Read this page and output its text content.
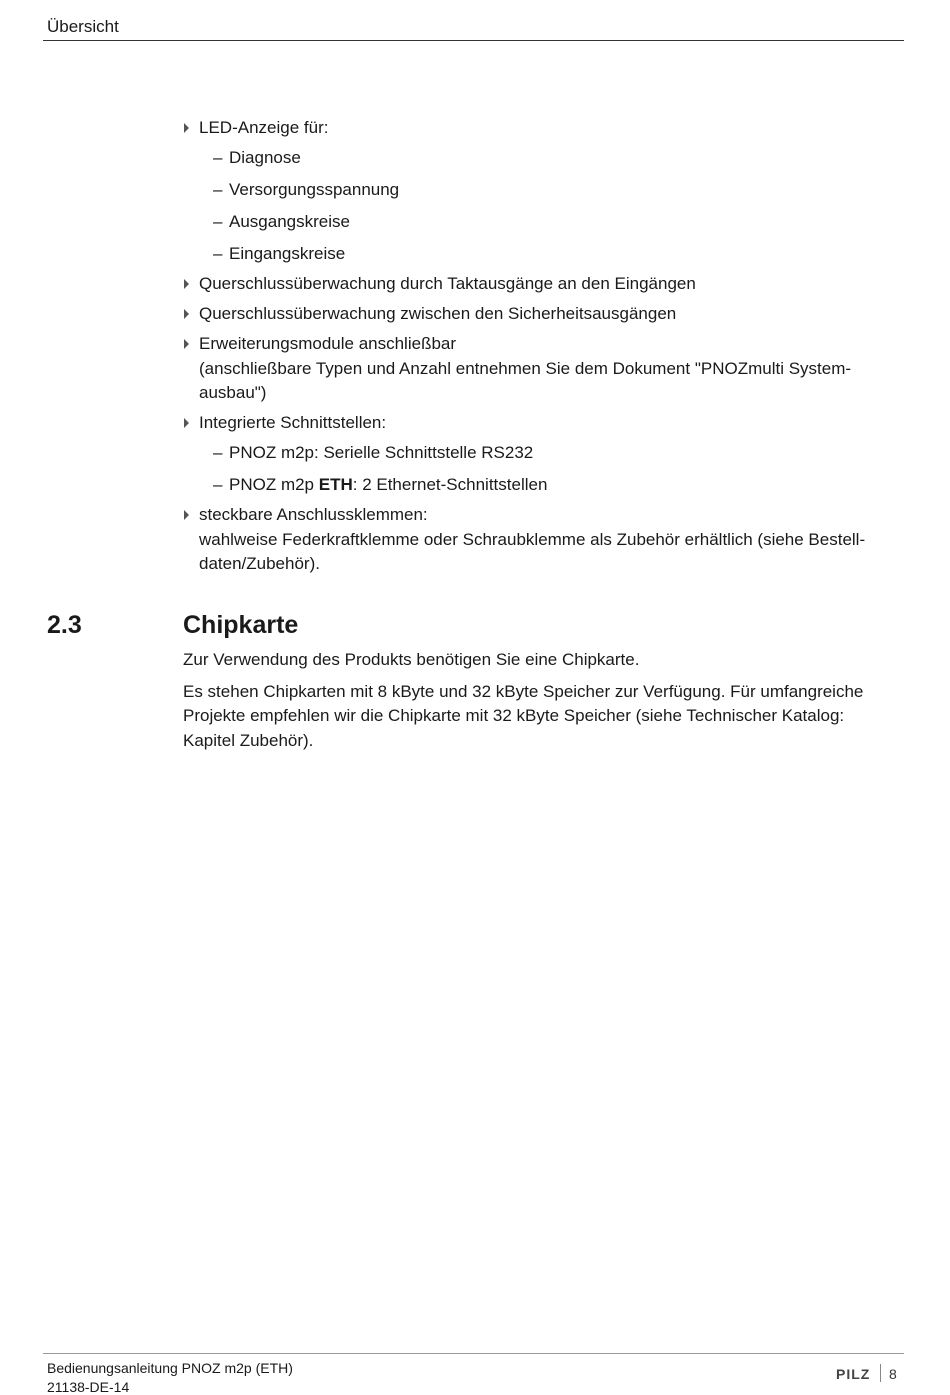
Übersicht
LED-Anzeige für:
– Diagnose
– Versorgungsspannung
– Ausgangskreise
– Eingangskreise
Querschlussüberwachung durch Taktausgänge an den Eingängen
Querschlussüberwachung zwischen den Sicherheitsausgängen
Erweiterungsmodule anschließbar
(anschließbare Typen und Anzahl entnehmen Sie dem Dokument "PNOZmulti System-
ausbau")
Integrierte Schnittstellen:
– PNOZ m2p: Serielle Schnittstelle RS232
– PNOZ m2p ETH: 2 Ethernet-Schnittstellen
steckbare Anschlussklemmen:
wahlweise Federkraftklemme oder Schraubklemme als Zubehör erhältlich (siehe Bestell-
daten/Zubehör).
2.3	Chipkarte

Zur Verwendung des Produkts benötigen Sie eine Chipkarte.

Es stehen Chipkarten mit 8 kByte und 32 kByte Speicher zur Verfügung. Für umfangreiche
Projekte empfehlen wir die Chipkarte mit 32 kByte Speicher (siehe Technischer Katalog:
Kapitel Zubehör).

Bedienungsanleitung PNOZ m2p (ETH)
21138-DE-14
PILZ 8
